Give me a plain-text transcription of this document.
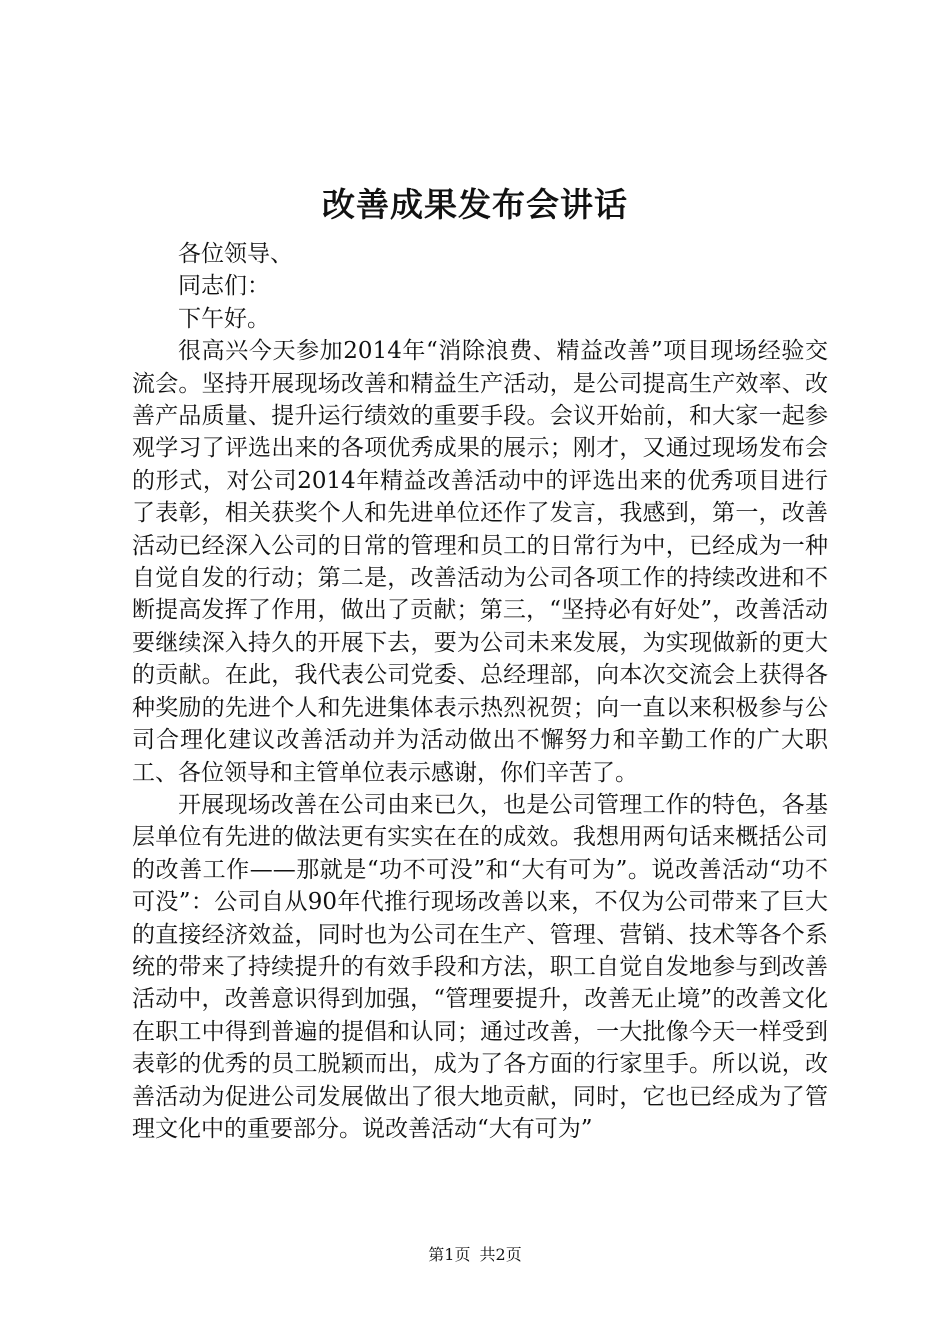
改善成果发布会讲话

各位领导、

同志们：

下午好。

很高兴今天参加2014年“消除浪费、精益改善”项目现场经验交流会。坚持开展现场改善和精益生产活动，是公司提高生产效率、改善产品质量、提升运行绩效的重要手段。会议开始前，和大家一起参观学习了评选出来的各项优秀成果的展示；刚才，又通过现场发布会的形式，对公司2014年精益改善活动中的评选出来的优秀项目进行了表彰，相关获奖个人和先进单位还作了发言，我感到，第一，改善活动已经深入公司的日常的管理和员工的日常行为中，已经成为一种自觉自发的行动；第二是，改善活动为公司各项工作的持续改进和不断提高发挥了作用，做出了贡献；第三，“坚持必有好处”，改善活动要继续深入持久的开展下去，要为公司未来发展，为实现做新的更大的贡献。在此，我代表公司党委、总经理部，向本次交流会上获得各种奖励的先进个人和先进集体表示热烈祝贺；向一直以来积极参与公司合理化建议改善活动并为活动做出不懈努力和辛勤工作的广大职工、各位领导和主管单位表示感谢，你们辛苦了。

开展现场改善在公司由来已久，也是公司管理工作的特色，各基层单位有先进的做法更有实实在在的成效。我想用两句话来概括公司的改善工作——那就是“功不可没”和“大有可为”。说改善活动“功不可没”：公司自从90年代推行现场改善以来，不仅为公司带来了巨大的直接经济效益，同时也为公司在生产、管理、营销、技术等各个系统的带来了持续提升的有效手段和方法，职工自觉自发地参与到改善活动中，改善意识得到加强，“管理要提升，改善无止境”的改善文化在职工中得到普遍的提倡和认同；通过改善，一大批像今天一样受到表彰的优秀的员工脱颖而出，成为了各方面的行家里手。所以说，改善活动为促进公司发展做出了很大地贡献，同时，它也已经成为了管理文化中的重要部分。说改善活动“大有可为”

第1页 共2页
